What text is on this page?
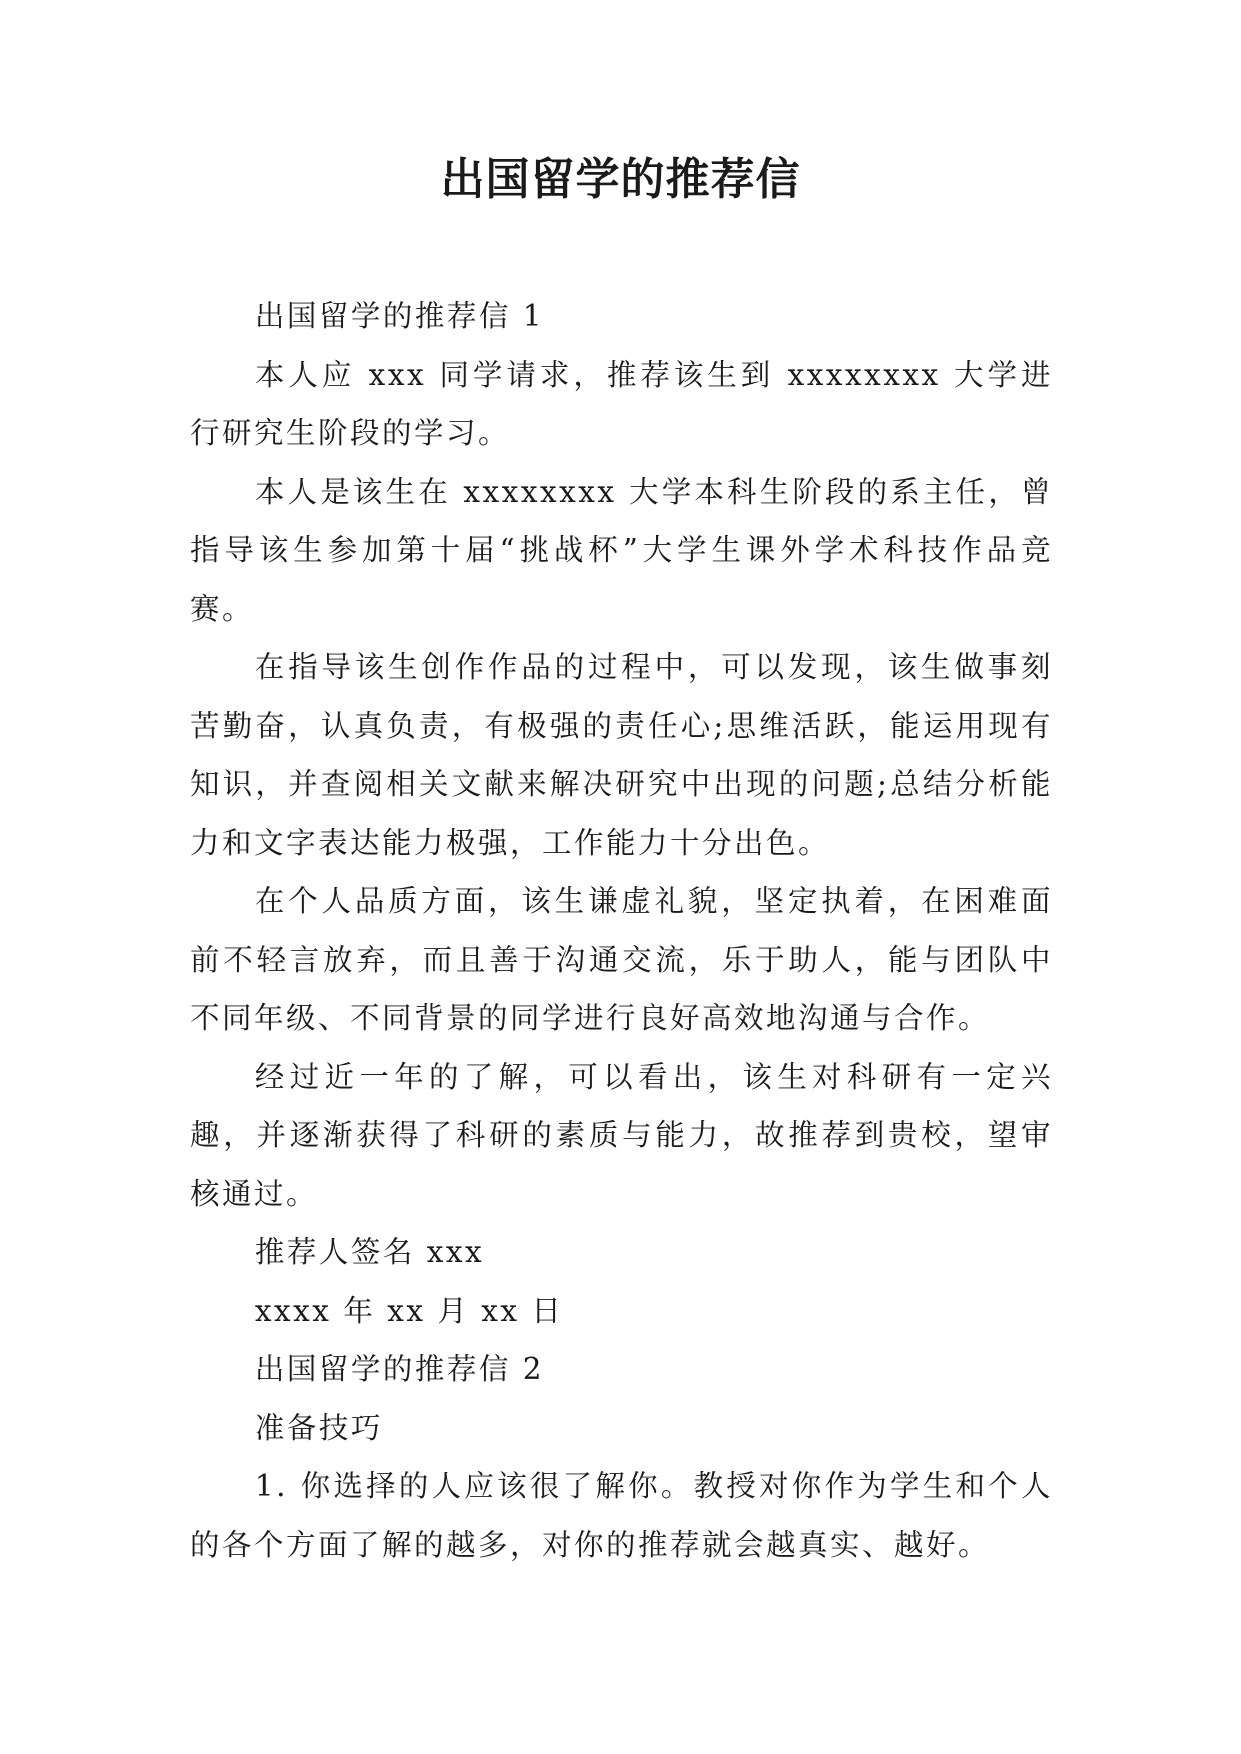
出国留学的推荐信

出国留学的推荐信 1

本人应 xxx 同学请求，推荐该生到 xxxxxxxx 大学进行研究生阶段的学习。

本人是该生在 xxxxxxxx 大学本科生阶段的系主任，曾指导该生参加第十届“挑战杯”大学生课外学术科技作品竞赛。

在指导该生创作作品的过程中，可以发现，该生做事刻苦勤奋，认真负责，有极强的责任心;思维活跃，能运用现有知识，并查阅相关文献来解决研究中出现的问题;总结分析能力和文字表达能力极强，工作能力十分出色。

在个人品质方面，该生谦虚礼貌，坚定执着，在困难面前不轻言放弃，而且善于沟通交流，乐于助人，能与团队中不同年级、不同背景的同学进行良好高效地沟通与合作。

经过近一年的了解，可以看出，该生对科研有一定兴趣，并逐渐获得了科研的素质与能力，故推荐到贵校，望审核通过。

推荐人签名 xxx

xxxx 年 xx 月 xx 日

出国留学的推荐信 2

准备技巧

1. 你选择的人应该很了解你。教授对你作为学生和个人的各个方面了解的越多，对你的推荐就会越真实、越好。
